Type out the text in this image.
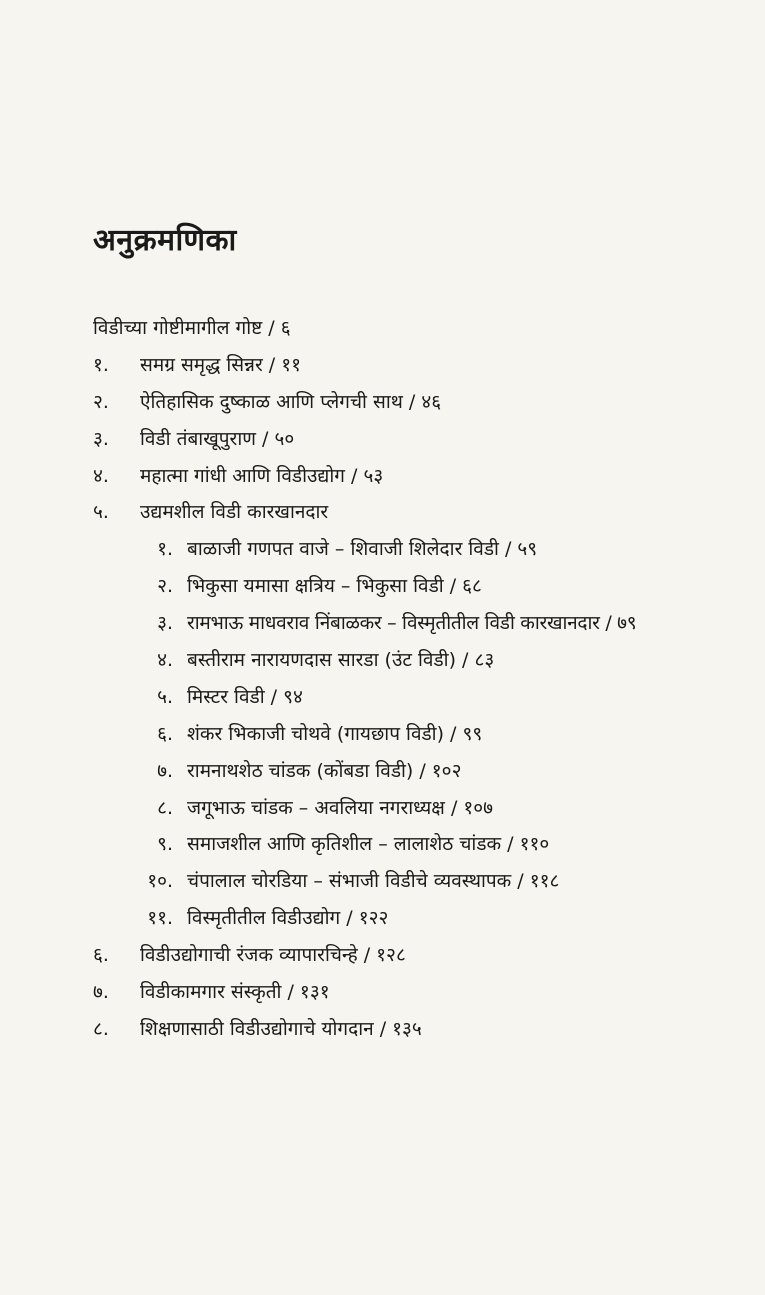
अनुक्रमणिका
विडीच्या गोष्टीमागील गोष्ट / ६
१. समग्र समृद्ध सिन्नर / ११
२. ऐतिहासिक दुष्काळ आणि प्लेगची साथ / ४६
३. विडी तंबाखूपुराण / ५०
४. महात्मा गांधी आणि विडीउद्योग / ५३
५. उद्यमशील विडी कारखानदार
१. बाळाजी गणपत वाजे – शिवाजी शिलेदार विडी / ५९
२. भिकुसा यमासा क्षत्रिय – भिकुसा विडी / ६८
३. रामभाऊ माधवराव निंबाळकर – विस्मृतीतील विडी कारखानदार / ७९
४. बस्तीराम नारायणदास सारडा (उंट विडी) / ८३
५. मिस्टर विडी / ९४
६. शंकर भिकाजी चोथवे (गायछाप विडी) / ९९
७. रामनाथशेठ चांडक (कोंबडा विडी) / १०२
८. जगूभाऊ चांडक – अवलिया नगराध्यक्ष / १०७
९. समाजशील आणि कृतिशील – लालाशेठ चांडक / ११०
१०. चंपालाल चोरडिया – संभाजी विडीचे व्यवस्थापक / ११८
११. विस्मृतीतील विडीउद्योग / १२२
६. विडीउद्योगाची रंजक व्यापारचिन्हे / १२८
७. विडीकामगार संस्कृती / १३१
८. शिक्षणासाठी विडीउद्योगाचे योगदान / १३५
